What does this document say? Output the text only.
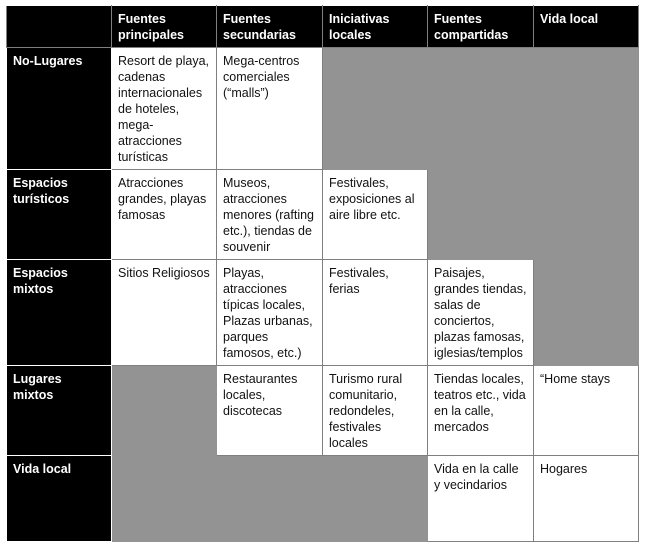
	Fuentes principales	Fuentes secundarias	Iniciativas locales	Fuentes compartidas	Vida local
No-Lugares	Resort de playa, cadenas internacionales de hoteles, mega-atracciones turísticas	Mega-centros comerciales (“malls”)			
Espacios turísticos	Atracciones grandes, playas famosas	Museos, atracciones menores (rafting etc.), tiendas de souvenir	Festivales, exposiciones al aire libre etc.		
Espacios mixtos	Sitios Religiosos	Playas, atracciones típicas locales, Plazas urbanas, parques famosos, etc.)	Festivales, ferias	Paisajes, grandes tiendas, salas de conciertos, plazas famosas, iglesias/templos	
Lugares mixtos		Restaurantes locales, discotecas	Turismo rural comunitario, redondeles, festivales locales	Tiendas locales, teatros etc., vida en la calle, mercados	“Home stays
Vida local				Vida en la calle y vecindarios	Hogares
